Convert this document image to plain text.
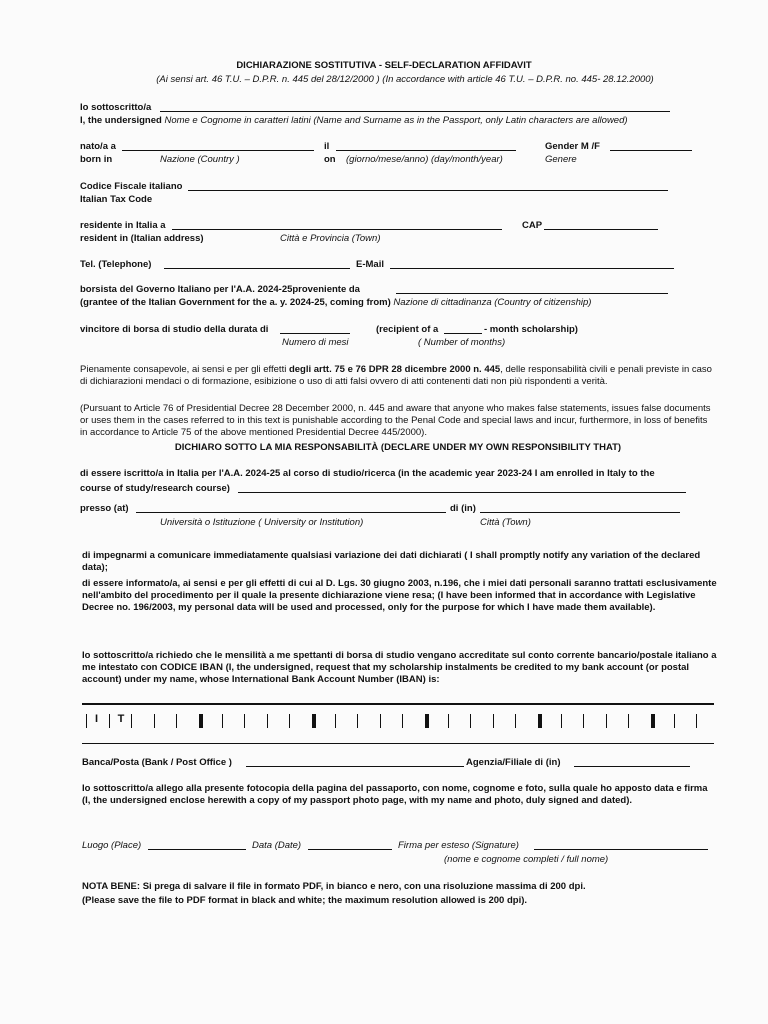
DICHIARAZIONE SOSTITUTIVA - SELF-DECLARATION AFFIDAVIT
(Ai sensi art. 46 T.U. – D.P.R. n. 445 del 28/12/2000 ) (In accordance with article 46 T.U. – D.P.R. no. 445- 28.12.2000)
Io sottoscritto/a
I, the undersigned Nome e Cognome in caratteri latini (Name and Surname as in the Passport, only Latin characters are allowed)
nato/a a
born in	Nazione (Country )
il
on (giorno/mese/anno) (day/month/year)
Gender M /F
Genere
Codice Fiscale italiano
Italian Tax Code
residente in Italia a
resident in (Italian address)	Città e Provincia (Town)
CAP
Tel. (Telephone)	E-Mail
borsista del Governo Italiano per l'A.A. 2024-25proveniente da
(grantee of the Italian Government for the a. y. 2024-25, coming from) Nazione di cittadinanza (Country of citizenship)
vincitore di borsa di studio della durata di
Numero di mesi
(recipient of a	- month scholarship)
( Number of months)
Pienamente consapevole, ai sensi e per gli effetti degli artt. 75 e 76 DPR 28 dicembre 2000 n. 445, delle responsabilità civili e penali previste in caso di dichiarazioni mendaci o di formazione, esibizione o uso di atti falsi ovvero di atti contenenti dati non più rispondenti a verità.
(Pursuant to Article 76 of Presidential Decree 28 December 2000, n. 445 and aware that anyone who makes false statements, issues false documents or uses them in the cases referred to in this text is punishable according to the Penal Code and special laws and incur, furthermore, in loss of benefits in accordance to Article 75 of the above mentioned Presidential Decree 445/2000).
DICHIARO SOTTO LA MIA RESPONSABILITÀ (DECLARE UNDER MY OWN RESPONSIBILITY THAT)
di essere iscritto/a in Italia per l'A.A. 2024-25 al corso di studio/ricerca (in the academic year 2023-24 I am enrolled in Italy to the
course of study/research course)
presso (at)
Università o Istituzione ( University or Institution)
di (in)
Città (Town)
di impegnarmi a comunicare immediatamente qualsiasi variazione dei dati dichiarati ( I shall promptly notify any variation of the declared data);
di essere informato/a, ai sensi e per gli effetti di cui al D. Lgs. 30 giugno 2003, n.196, che i miei dati personali saranno trattati esclusivamente nell'ambito del procedimento per il quale la presente dichiarazione viene resa; (I have been informed that in accordance with Legislative Decree no. 196/2003, my personal data will be used and processed, only for the purpose for which I have made them available).
Io sottoscritto/a richiedo che le mensilità a me spettanti di borsa di studio vengano accreditate sul conto corrente bancario/postale italiano a me intestato con CODICE IBAN (I, the undersigned, request that my scholarship instalments be credited to my bank account (or postal account) under my name, whose International Bank Account Number (IBAN) is:
I T
Banca/Posta (Bank / Post Office )	Agenzia/Filiale di (in)
Io sottoscritto/a allego alla presente fotocopia della pagina del passaporto, con nome, cognome e foto, sulla quale ho apposto data e firma (I, the undersigned enclose herewith a copy of my passport photo page, with my name and photo, duly signed and dated).
Luogo (Place)	Data (Date)	Firma per esteso (Signature)
(nome e cognome completi / full nome)
NOTA BENE: Si prega di salvare il file in formato PDF, in bianco e nero, con una risoluzione massima di 200 dpi.
(Please save the file to PDF format in black and white; the maximum resolution allowed is 200 dpi).
